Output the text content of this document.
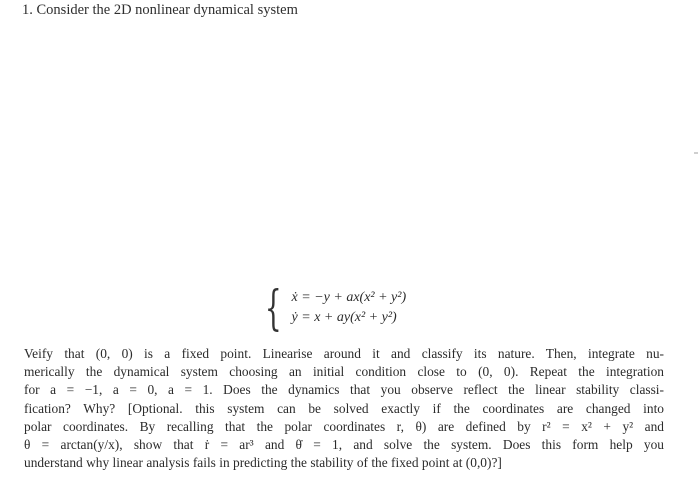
1. Consider the 2D nonlinear dynamical system
{ ẋ = −y + ax(x² + y²)
ẏ = x + ay(x² + y²)
Veify that (0, 0) is a fixed point. Linearise around it and classify its nature. Then, integrate nu-
merically the dynamical system choosing an initial condition close to (0, 0). Repeat the integration
for a = −1, a = 0, a = 1. Does the dynamics that you observe reflect the linear stability classi-
fication? Why? [Optional. this system can be solved exactly if the coordinates are changed into
polar coordinates. By recalling that the polar coordinates r, θ) are defined by r² = x² + y² and
θ = arctan(y/x), show that ṙ = ar³ and θ̇ = 1, and solve the system. Does this form help you
understand why linear analysis fails in predicting the stability of the fixed point at (0,0)?]
